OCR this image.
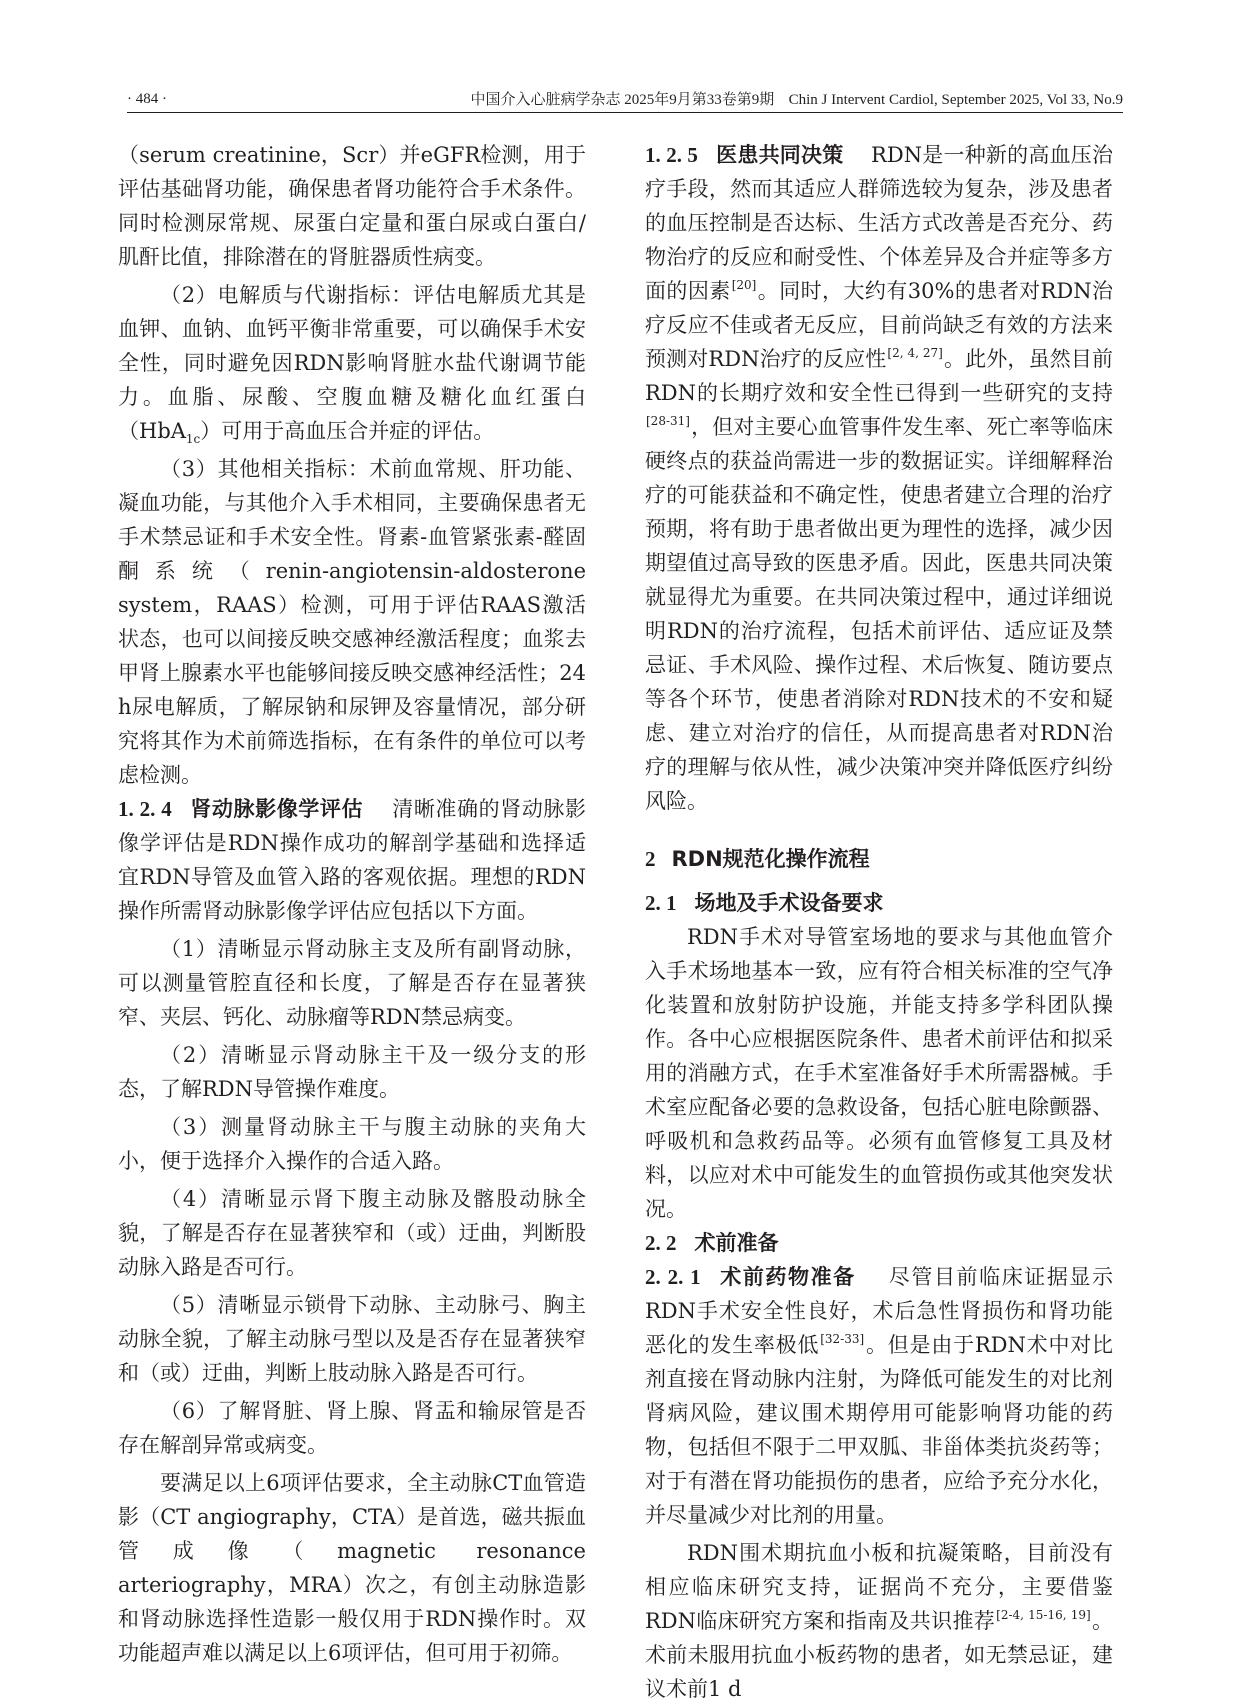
· 484 ·	中国介入心脏病学杂志 2025年9月第33卷第9期 Chin J Intervent Cardiol, September 2025, Vol 33, No.9

（serum creatinine，Scr）并eGFR检测，用于评估基础肾功能，确保患者肾功能符合手术条件。同时检测尿常规、尿蛋白定量和蛋白尿或白蛋白/肌酐比值，排除潜在的肾脏器质性病变。

（2）电解质与代谢指标：评估电解质尤其是血钾、血钠、血钙平衡非常重要，可以确保手术安全性，同时避免因RDN影响肾脏水盐代谢调节能力。血脂、尿酸、空腹血糖及糖化血红蛋白（HbA$_{1c}$）可用于高血压合并症的评估。

（3）其他相关指标：术前血常规、肝功能、凝血功能，与其他介入手术相同，主要确保患者无手术禁忌证和手术安全性。肾素-血管紧张素-醛固酮系统（renin-angiotensin-aldosterone system，RAAS）检测，可用于评估RAAS激活状态，也可以间接反映交感神经激活程度；血浆去甲肾上腺素水平也能够间接反映交感神经活性；24 h尿电解质，了解尿钠和尿钾及容量情况，部分研究将其作为术前筛选指标，在有条件的单位可以考虑检测。

1. 2. 4 肾动脉影像学评估 清晰准确的肾动脉影像学评估是RDN操作成功的解剖学基础和选择适宜RDN导管及血管入路的客观依据。理想的RDN操作所需肾动脉影像学评估应包括以下方面。

（1）清晰显示肾动脉主支及所有副肾动脉，可以测量管腔直径和长度，了解是否存在显著狭窄、夹层、钙化、动脉瘤等RDN禁忌病变。

（2）清晰显示肾动脉主干及一级分支的形态，了解RDN导管操作难度。

（3）测量肾动脉主干与腹主动脉的夹角大小，便于选择介入操作的合适入路。

（4）清晰显示肾下腹主动脉及髂股动脉全貌，了解是否存在显著狭窄和（或）迂曲，判断股动脉入路是否可行。

（5）清晰显示锁骨下动脉、主动脉弓、胸主动脉全貌，了解主动脉弓型以及是否存在显著狭窄和（或）迂曲，判断上肢动脉入路是否可行。

（6）了解肾脏、肾上腺、肾盂和输尿管是否存在解剖异常或病变。

要满足以上6项评估要求，全主动脉CT血管造影（CT angiography，CTA）是首选，磁共振血管成像（magnetic resonance arteriography，MRA）次之，有创主动脉造影和肾动脉选择性造影一般仅用于RDN操作时。双功能超声难以满足以上6项评估，但可用于初筛。

1. 2. 5 医患共同决策 RDN是一种新的高血压治疗手段，然而其适应人群筛选较为复杂，涉及患者的血压控制是否达标、生活方式改善是否充分、药物治疗的反应和耐受性、个体差异及合并症等多方面的因素[20]。同时，大约有30%的患者对RDN治疗反应不佳或者无反应，目前尚缺乏有效的方法来预测对RDN治疗的反应性[2, 4, 27]。此外，虽然目前RDN的长期疗效和安全性已得到一些研究的支持[28-31]，但对主要心血管事件发生率、死亡率等临床硬终点的获益尚需进一步的数据证实。详细解释治疗的可能获益和不确定性，使患者建立合理的治疗预期，将有助于患者做出更为理性的选择，减少因期望值过高导致的医患矛盾。因此，医患共同决策就显得尤为重要。在共同决策过程中，通过详细说明RDN的治疗流程，包括术前评估、适应证及禁忌证、手术风险、操作过程、术后恢复、随访要点等各个环节，使患者消除对RDN技术的不安和疑虑、建立对治疗的信任，从而提高患者对RDN治疗的理解与依从性，减少决策冲突并降低医疗纠纷风险。

2 RDN规范化操作流程

2. 1 场地及手术设备要求

RDN手术对导管室场地的要求与其他血管介入手术场地基本一致，应有符合相关标准的空气净化装置和放射防护设施，并能支持多学科团队操作。各中心应根据医院条件、患者术前评估和拟采用的消融方式，在手术室准备好手术所需器械。手术室应配备必要的急救设备，包括心脏电除颤器、呼吸机和急救药品等。必须有血管修复工具及材料，以应对术中可能发生的血管损伤或其他突发状况。

2. 2 术前准备

2. 2. 1 术前药物准备 尽管目前临床证据显示RDN手术安全性良好，术后急性肾损伤和肾功能恶化的发生率极低[32-33]。但是由于RDN术中对比剂直接在肾动脉内注射，为降低可能发生的对比剂肾病风险，建议围术期停用可能影响肾功能的药物，包括但不限于二甲双胍、非甾体类抗炎药等；对于有潜在肾功能损伤的患者，应给予充分水化，并尽量减少对比剂的用量。

RDN围术期抗血小板和抗凝策略，目前没有相应临床研究支持，证据尚不充分，主要借鉴RDN临床研究方案和指南及共识推荐[2-4, 15-16, 19]。术前未服用抗血小板药物的患者，如无禁忌证，建议术前1 d
